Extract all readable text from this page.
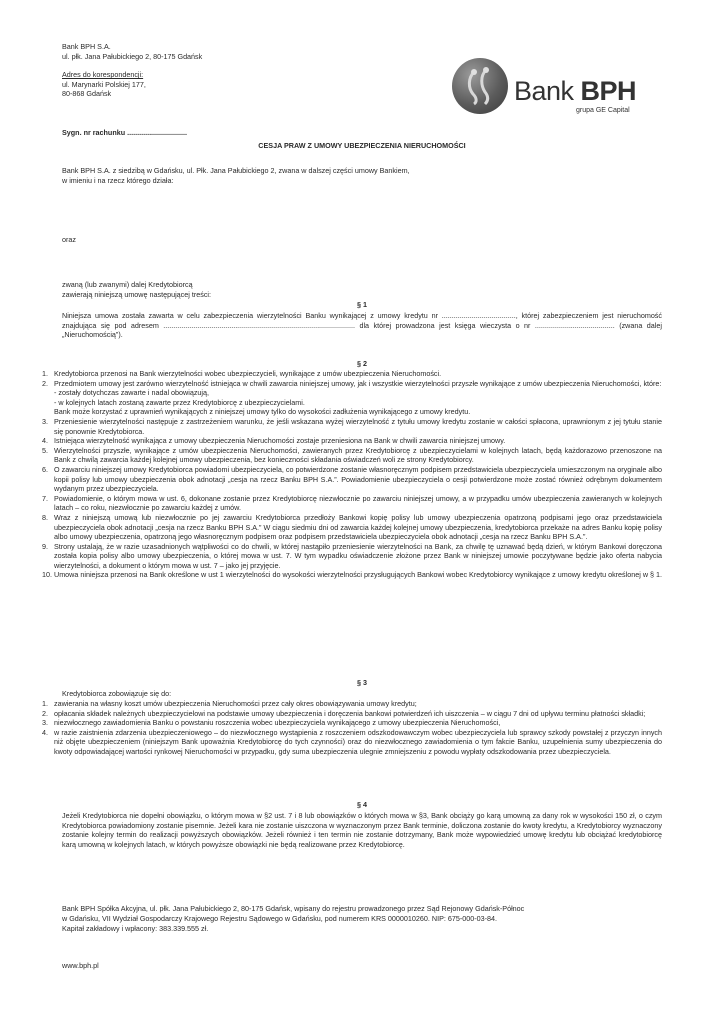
Bank BPH S.A.
ul. płk. Jana Pałubickiego 2, 80-175 Gdańsk
Adres do korespondencji:
ul. Marynarki Polskiej 177,
80-868 Gdańsk	Bank BPH
grupa GE Capital
Sygn. nr rachunku ..............................
CESJA PRAW Z UMOWY UBEZPIECZENIA NIERUCHOMOŚCI
Bank BPH S.A. z siedzibą w Gdańsku, ul. Płk. Jana Pałubickiego 2, zwana w dalszej części umowy Bankiem,
w imieniu i na rzecz którego działa:
oraz
zwaną (lub zwanymi) dalej Kredytobiorcą
zawierają niniejszą umowę następującej treści:
§ 1
Niniejsza umowa została zawarta w celu zabezpieczenia wierzytelności Banku wynikającej z umowy kredytu nr ....................................., której zabezpieczeniem jest nieruchomość znajdująca się pod adresem ................................................................................................ dla której prowadzona jest księga wieczysta o nr ........................................ (zwana dalej „Nieruchomością”).
§ 2
1. Kredytobiorca przenosi na Bank wierzytelności wobec ubezpieczycieli, wynikające z umów ubezpieczenia Nieruchomości.
2. Przedmiotem umowy jest zarówno wierzytelność istniejąca w chwili zawarcia niniejszej umowy, jak i wszystkie wierzytelności przyszłe wynikające z umów ubezpieczenia Nieruchomości, które:
- zostały dotychczas zawarte i nadal obowiązują,
- w kolejnych latach zostaną zawarte przez Kredytobiorcę z ubezpieczycielami.
Bank może korzystać z uprawnień wynikających z niniejszej umowy tylko do wysokości zadłużenia wynikającego z umowy kredytu.
3. Przeniesienie wierzytelności następuje z zastrzeżeniem warunku, że jeśli wskazana wyżej wierzytelność z tytułu umowy kredytu zostanie w całości spłacona, uprawnionym z jej tytułu stanie się ponownie Kredytobiorca.
4. Istniejąca wierzytelność wynikająca z umowy ubezpieczenia Nieruchomości zostaje przeniesiona na Bank w chwili zawarcia niniejszej umowy.
5. Wierzytelności przyszłe, wynikające z umów ubezpieczenia Nieruchomości, zawieranych przez Kredytobiorcę z ubezpieczycielami w kolejnych latach, będą każdorazowo przenoszone na Bank z chwilą zawarcia każdej kolejnej umowy ubezpieczenia, bez konieczności składania oświadczeń woli ze strony Kredytobiorcy.
6. O zawarciu niniejszej umowy Kredytobiorca powiadomi ubezpieczyciela, co potwierdzone zostanie własnoręcznym podpisem przedstawiciela ubezpieczyciela umieszczonym na oryginale albo kopii polisy lub umowy ubezpieczenia obok adnotacji „cesja na rzecz Banku BPH S.A.”. Powiadomienie ubezpieczyciela o cesji potwierdzone może zostać również odrębnym dokumentem wydanym przez ubezpieczyciela.
7. Powiadomienie, o którym mowa w ust. 6, dokonane zostanie przez Kredytobiorcę niezwłocznie po zawarciu niniejszej umowy, a w przypadku umów ubezpieczenia zawieranych w kolejnych latach – co roku, niezwłocznie po zawarciu każdej z umów.
8. Wraz z niniejszą umową lub niezwłocznie po jej zawarciu Kredytobiorca przedłoży Bankowi kopię polisy lub umowy ubezpieczenia opatrzoną podpisami jego oraz przedstawiciela ubezpieczyciela obok adnotacji „cesja na rzecz Banku BPH S.A.” W ciągu siedmiu dni od zawarcia każdej kolejnej umowy ubezpieczenia, kredytobiorca przekaże na adres Banku kopię polisy albo umowy ubezpieczenia, opatrzoną jego własnoręcznym podpisem oraz podpisem przedstawiciela ubezpieczyciela obok adnotacji „cesja na rzecz Banku BPH S.A.”.
9. Strony ustalają, że w razie uzasadnionych wątpliwości co do chwili, w której nastąpiło przeniesienie wierzytelności na Bank, za chwilę tę uznawać będą dzień, w którym Bankowi doręczona została kopia polisy albo umowy ubezpieczenia, o której mowa w ust. 7. W tym wypadku oświadczenie złożone przez Bank w niniejszej umowie poczytywane będzie jako oferta nabycia wierzytelności, a dokument o którym mowa w ust. 7 – jako jej przyjęcie.
10. Umowa niniejsza przenosi na Bank określone w ust 1 wierzytelności do wysokości wierzytelności przysługujących Bankowi wobec Kredytobiorcy wynikające z umowy kredytu określonej w § 1.
§ 3
Kredytobiorca zobowiązuje się do:
1. zawierania na własny koszt umów ubezpieczenia Nieruchomości przez cały okres obowiązywania umowy kredytu;
2. opłacania składek należnych ubezpieczycielowi na podstawie umowy ubezpieczenia i doręczenia bankowi potwierdzeń ich uiszczenia – w ciągu 7 dni od upływu terminu płatności składki;
3. niezwłocznego zawiadomienia Banku o powstaniu roszczenia wobec ubezpieczyciela wynikającego z umowy ubezpieczenia Nieruchomości,
4. w razie zaistnienia zdarzenia ubezpieczeniowego – do niezwłocznego wystąpienia z roszczeniem odszkodowawczym wobec ubezpieczyciela lub sprawcy szkody powstałej z przyczyn innych niż objęte ubezpieczeniem (niniejszym Bank upoważnia Kredytobiorcę do tych czynności) oraz do niezwłocznego zawiadomienia o tym fakcie Banku, uzupełnienia sumy ubezpieczenia do kwoty odpowiadającej wartości rynkowej Nieruchomości w przypadku, gdy suma ubezpieczenia ulegnie zmniejszeniu z powodu wypłaty odszkodowania przez ubezpieczyciela.
§ 4
Jeżeli Kredytobiorca nie dopełni obowiązku, o którym mowa w §2 ust. 7 i 8 lub obowiązków o których mowa w §3, Bank obciąży go karą umowną za dany rok w wysokości 150 zł, o czym Kredytobiorca powiadomiony zostanie pisemnie. Jeżeli kara nie zostanie uiszczona w wyznaczonym przez Bank terminie, doliczona zostanie do kwoty kredytu, a Kredytobiorcy wyznaczony zostanie kolejny termin do realizacji powyższych obowiązków. Jeżeli również i ten termin nie zostanie dotrzymany, Bank może wypowiedzieć umowę kredytu lub obciążać kredytobiorcę karą umowną w kolejnych latach, w których powyższe obowiązki nie będą realizowane przez Kredytobiorcę.
Bank BPH Spółka Akcyjna, ul. płk. Jana Pałubickiego 2, 80-175 Gdańsk, wpisany do rejestru prowadzonego przez Sąd Rejonowy Gdańsk-Północ
w Gdańsku, VII Wydział Gospodarczy Krajowego Rejestru Sądowego w Gdańsku, pod numerem KRS 0000010260. NIP: 675-000-03-84.
Kapitał zakładowy i wpłacony: 383.339.555 zł.
www.bph.pl
